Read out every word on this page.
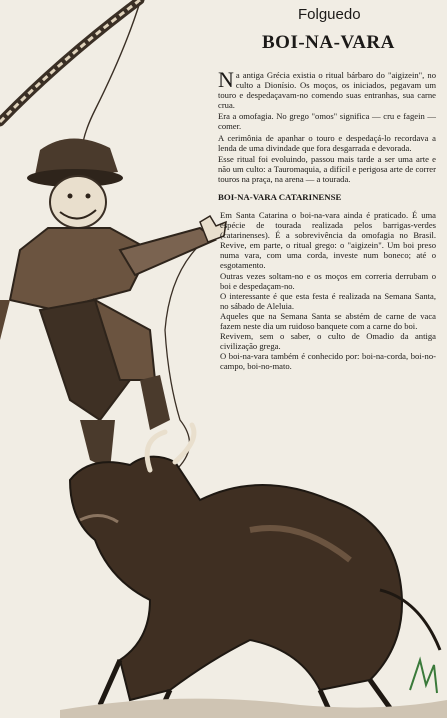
Folguedo
BOI-NA-VARA

Na antiga Grécia existia o ritual bárbaro do "aigizein", no culto a Dionísio. Os moços, os iniciados, pegavam um touro e despedaçavam-no comendo suas entranhas, sua carne crua.

Era a omofagia. No grego "omos" significa — cru e fagein — comer.

A cerimônia de apanhar o touro e despedaçá-lo recordava a lenda de uma divindade que fora desgarrada e devorada.

Esse ritual foi evoluindo, passou mais tarde a ser uma arte e não um culto: a Tauromaquia, a difícil e perigosa arte de correr touros na praça, na arena — a tourada.

BOI-NA-VARA CATARINENSE

Em Santa Catarina o boi-na-vara ainda é praticado. É uma espécie de tourada realizada pelos barrigas-verdes (catarinenses). É a sobrevivência da omofagia no Brasil. Revive, em parte, o ritual grego: o "aigizein". Um boi preso numa vara, com uma corda, investe num boneco; até o esgotamento.

Outras vezes soltam-no e os moços em correria derrubam o boi e despedaçam-no.

O interessante é que esta festa é realizada na Semana Santa, no sábado de Aleluia.

Aqueles que na Semana Santa se abstém de carne de vaca fazem neste dia um ruidoso banquete com a carne do boi.

Revivem, sem o saber, o culto de Omadio da antiga civilização grega.

O boi-na-vara também é conhecido por: boi-na-corda, boi-no-campo, boi-no-mato.
